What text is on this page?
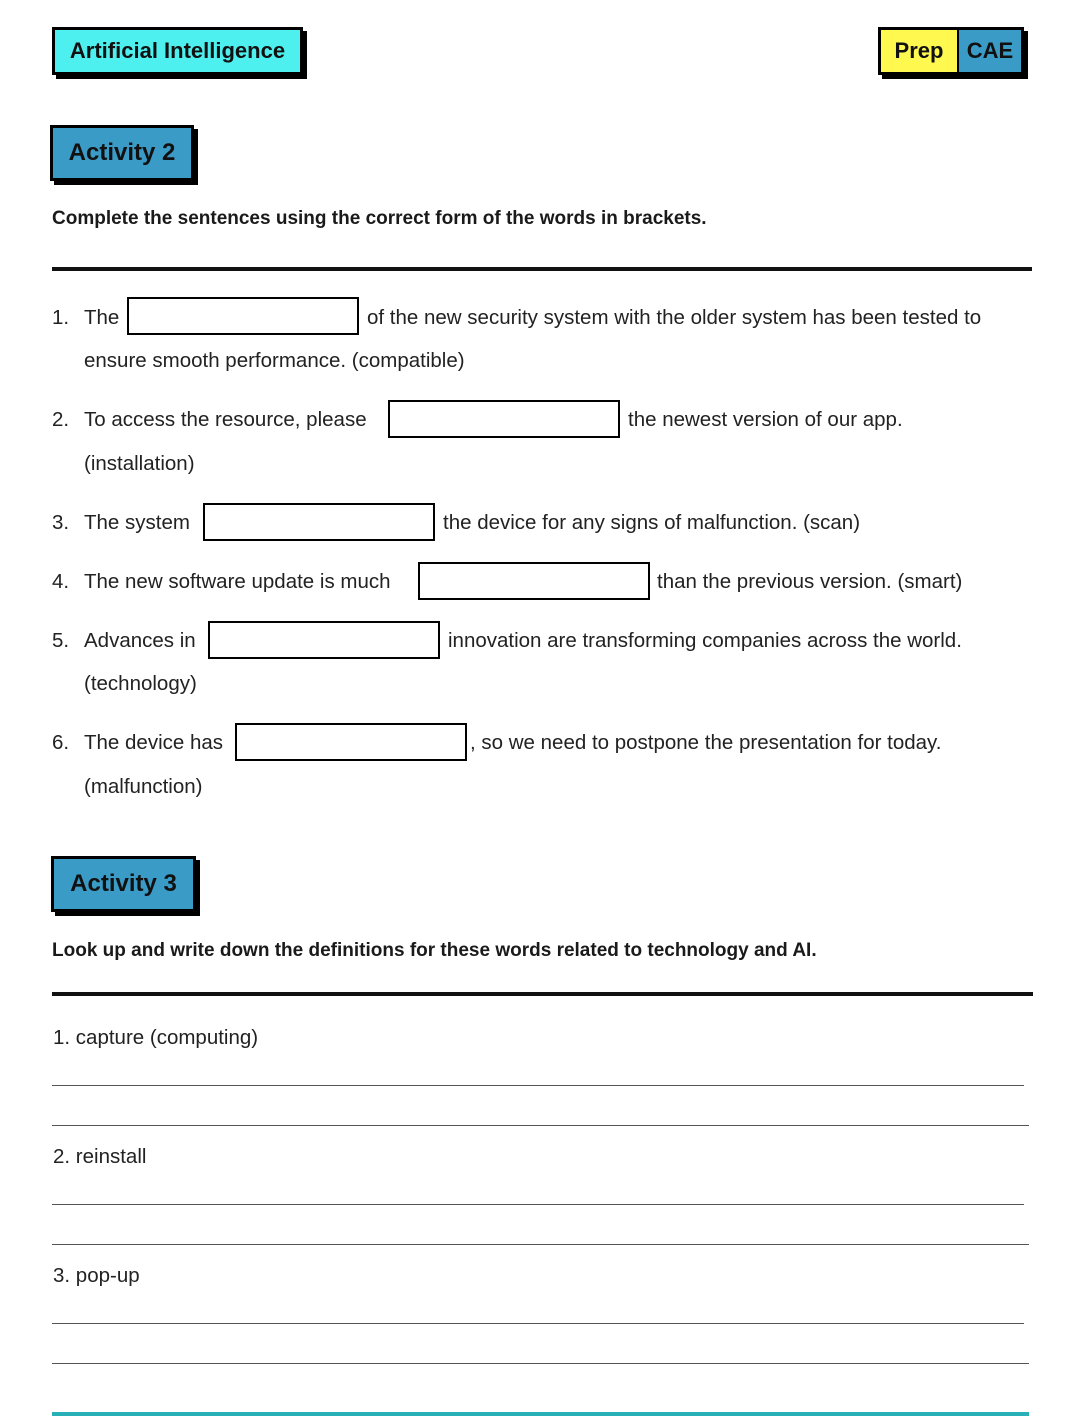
Artificial Intelligence	Prep	CAE
Activity 2
Complete the sentences using the correct form of the words in brackets.
1. The	of the new security system with the older system has been tested to
ensure smooth performance. (compatible)
2. To access the resource, please	the newest version of our app.
(installation)
3. The system	the device for any signs of malfunction. (scan)
4. The new software update is much	than the previous version. (smart)
5. Advances in	innovation are transforming companies across the world.
(technology)
6. The device has	, so we need to postpone the presentation for today.
(malfunction)
Activity 3
Look up and write down the definitions for these words related to technology and AI.
1. capture (computing)
2. reinstall
3. pop-up
